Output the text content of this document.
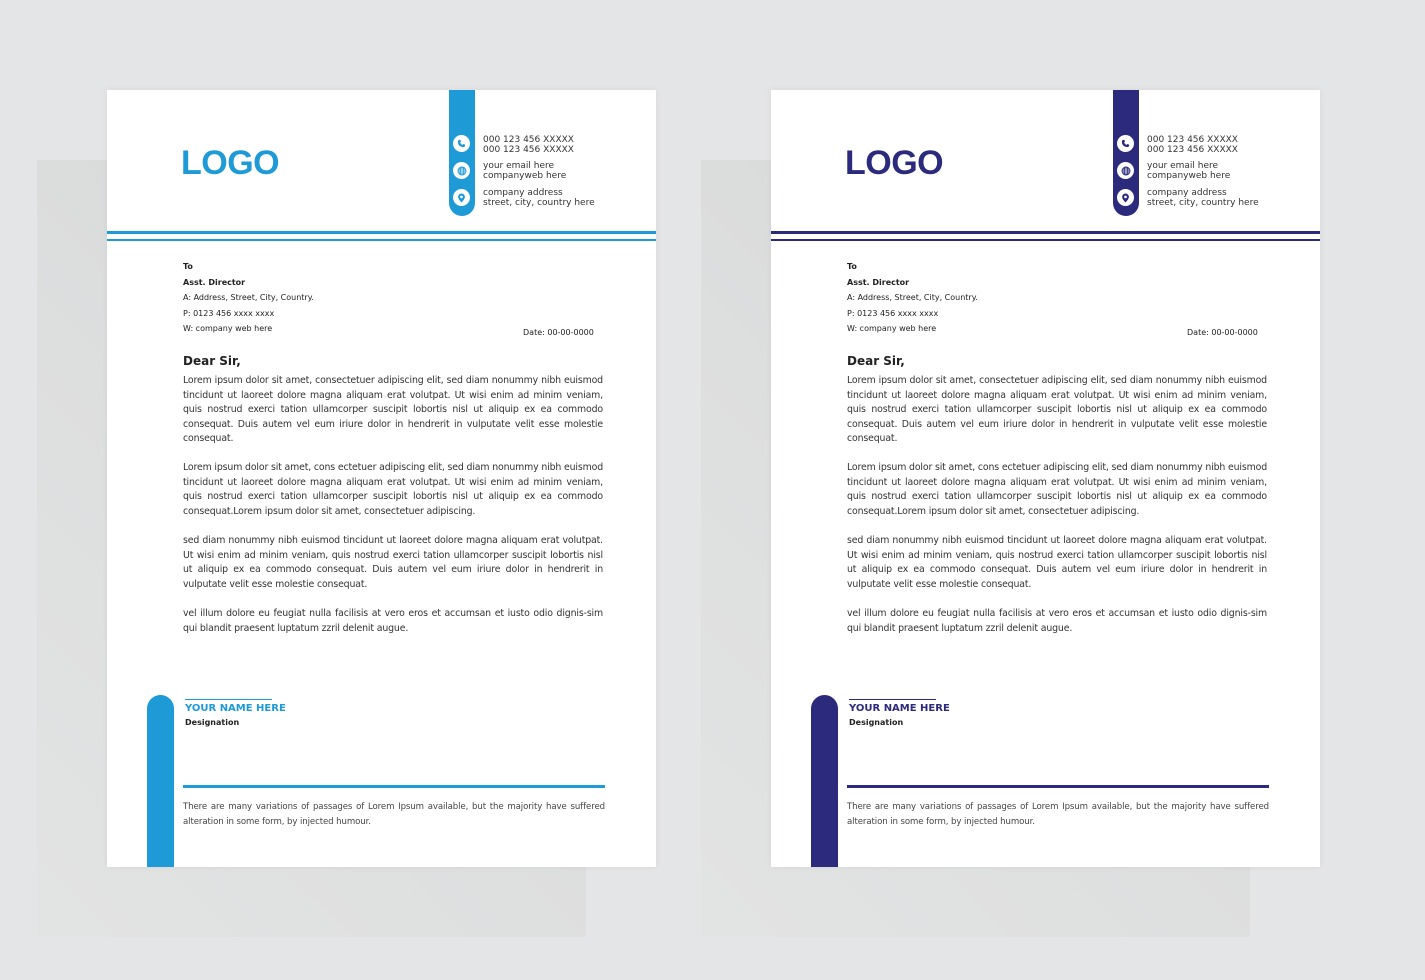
LOGO
000 123 456 XXXXX
000 123 456 XXXXX
your email here
companyweb here
company address
street, city, country here
To
Asst. Director
A: Address, Street, City, Country.
P: 0123 456 xxxx xxxx
W: company web here	Date: 00-00-0000
Dear Sir,
Lorem ipsum dolor sit amet, consectetuer adipiscing elit, sed diam nonummy nibh euismod tincidunt ut laoreet dolore magna aliquam erat volutpat. Ut wisi enim ad minim veniam, quis nostrud exerci tation ullamcorper suscipit lobortis nisl ut aliquip ex ea commodo consequat. Duis autem vel eum iriure dolor in hendrerit in vulputate velit esse molestie consequat.
Lorem ipsum dolor sit amet, cons ectetuer adipiscing elit, sed diam nonummy nibh euismod tincidunt ut laoreet dolore magna aliquam erat volutpat. Ut wisi enim ad minim veniam, quis nostrud exerci tation ullamcorper suscipit lobortis nisl ut aliquip ex ea commodo consequat.Lorem ipsum dolor sit amet, consectetuer adipiscing.
sed diam nonummy nibh euismod tincidunt ut laoreet dolore magna aliquam erat volutpat. Ut wisi enim ad minim veniam, quis nostrud exerci tation ullamcorper suscipit lobortis nisl ut aliquip ex ea commodo consequat. Duis autem vel eum iriure dolor in hendrerit in vulputate velit esse molestie consequat.
vel illum dolore eu feugiat nulla facilisis at vero eros et accumsan et iusto odio dignis-sim qui blandit praesent luptatum zzril delenit augue.
YOUR NAME HERE
Designation
There are many variations of passages of Lorem Ipsum available, but the majority have suffered alteration in some form, by injected humour.
LOGO
000 123 456 XXXXX
000 123 456 XXXXX
your email here
companyweb here
company address
street, city, country here
To
Asst. Director
A: Address, Street, City, Country.
P: 0123 456 xxxx xxxx
W: company web here	Date: 00-00-0000
Dear Sir,
Lorem ipsum dolor sit amet, consectetuer adipiscing elit, sed diam nonummy nibh euismod tincidunt ut laoreet dolore magna aliquam erat volutpat. Ut wisi enim ad minim veniam, quis nostrud exerci tation ullamcorper suscipit lobortis nisl ut aliquip ex ea commodo consequat. Duis autem vel eum iriure dolor in hendrerit in vulputate velit esse molestie consequat.
Lorem ipsum dolor sit amet, cons ectetuer adipiscing elit, sed diam nonummy nibh euismod tincidunt ut laoreet dolore magna aliquam erat volutpat. Ut wisi enim ad minim veniam, quis nostrud exerci tation ullamcorper suscipit lobortis nisl ut aliquip ex ea commodo consequat.Lorem ipsum dolor sit amet, consectetuer adipiscing.
sed diam nonummy nibh euismod tincidunt ut laoreet dolore magna aliquam erat volutpat. Ut wisi enim ad minim veniam, quis nostrud exerci tation ullamcorper suscipit lobortis nisl ut aliquip ex ea commodo consequat. Duis autem vel eum iriure dolor in hendrerit in vulputate velit esse molestie consequat.
vel illum dolore eu feugiat nulla facilisis at vero eros et accumsan et iusto odio dignis-sim qui blandit praesent luptatum zzril delenit augue.
YOUR NAME HERE
Designation
There are many variations of passages of Lorem Ipsum available, but the majority have suffered alteration in some form, by injected humour.
